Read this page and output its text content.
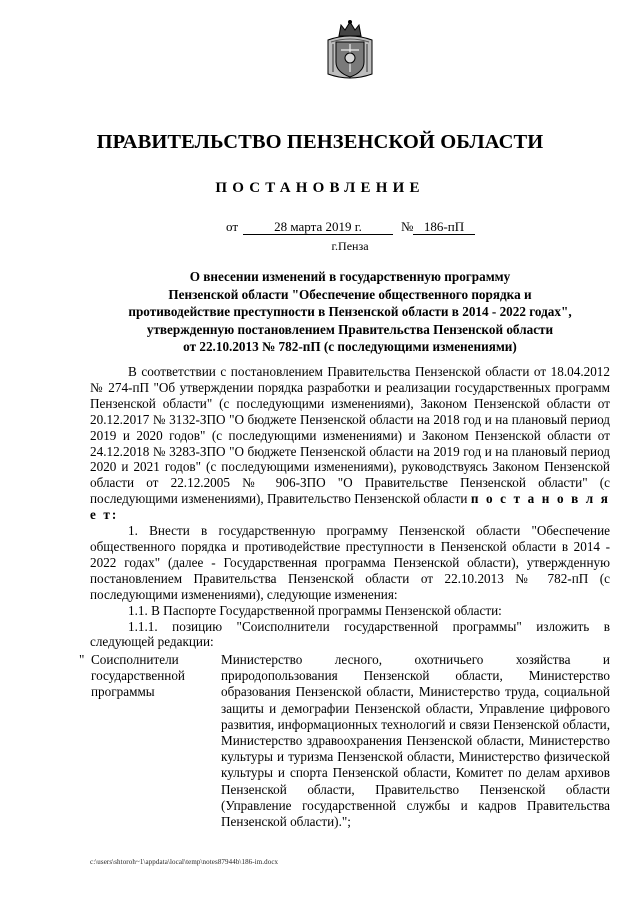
ПРАВИТЕЛЬСТВО ПЕНЗЕНСКОЙ ОБЛАСТИ
ПОСТАНОВЛЕНИЕ
от	28 марта 2019 г.	№ 186-пП
г.Пенза
О внесении изменений в государственную программу
Пензенской области "Обеспечение общественного порядка и
противодействие преступности в Пензенской области в 2014 - 2022 годах",
утвержденную постановлением Правительства Пензенской области
от 22.10.2013 № 782-пП (с последующими изменениями)

В соответствии с постановлением Правительства Пензенской области от 18.04.2012 № 274-пП "Об утверждении порядка разработки и реализации государственных программ Пензенской области" (с последующими изменениями), Законом Пензенской области от 20.12.2017 № 3132-ЗПО "О бюджете Пензенской области на 2018 год и на плановый период 2019 и 2020 годов" (с последующими изменениями) и Законом Пензенской области от 24.12.2018 № 3283-ЗПО "О бюджете Пензенской области на 2019 год и на плановый период 2020 и 2021 годов" (с последующими изменениями), руководствуясь Законом Пензенской области от 22.12.2005 № 906-ЗПО "О Правительстве Пензенской области" (с последующими изменениями), Правительство Пензенской области п о с т а н о в л я е т:

1. Внести в государственную программу Пензенской области "Обеспечение общественного порядка и противодействие преступности в Пензенской области в 2014 - 2022 годах" (далее - Государственная программа Пензенской области), утвержденную постановлением Правительства Пензенской области от 22.10.2013 № 782-пП (с последующими изменениями), следующие изменения:

1.1. В Паспорте Государственной программы Пензенской области:

1.1.1. позицию "Соисполнители государственной программы" изложить в следующей редакции:

" Соисполнители государственной программы
Министерство лесного, охотничьего хозяйства и природопользования Пензенской области, Министерство образования Пензенской области, Министерство труда, социальной защиты и демографии Пензенской области, Управление цифрового развития, информационных технологий и связи Пензенской области, Министерство здравоохранения Пензенской области, Министерство культуры и туризма Пензенской области, Министерство физической культуры и спорта Пензенской области, Комитет по делам архивов Пензенской области, Правительство Пензенской области (Управление государственной службы и кадров Правительства Пензенской области).";
c:\users\shtoroh~1\appdata\local\temp\notes87944b\186-im.docx
